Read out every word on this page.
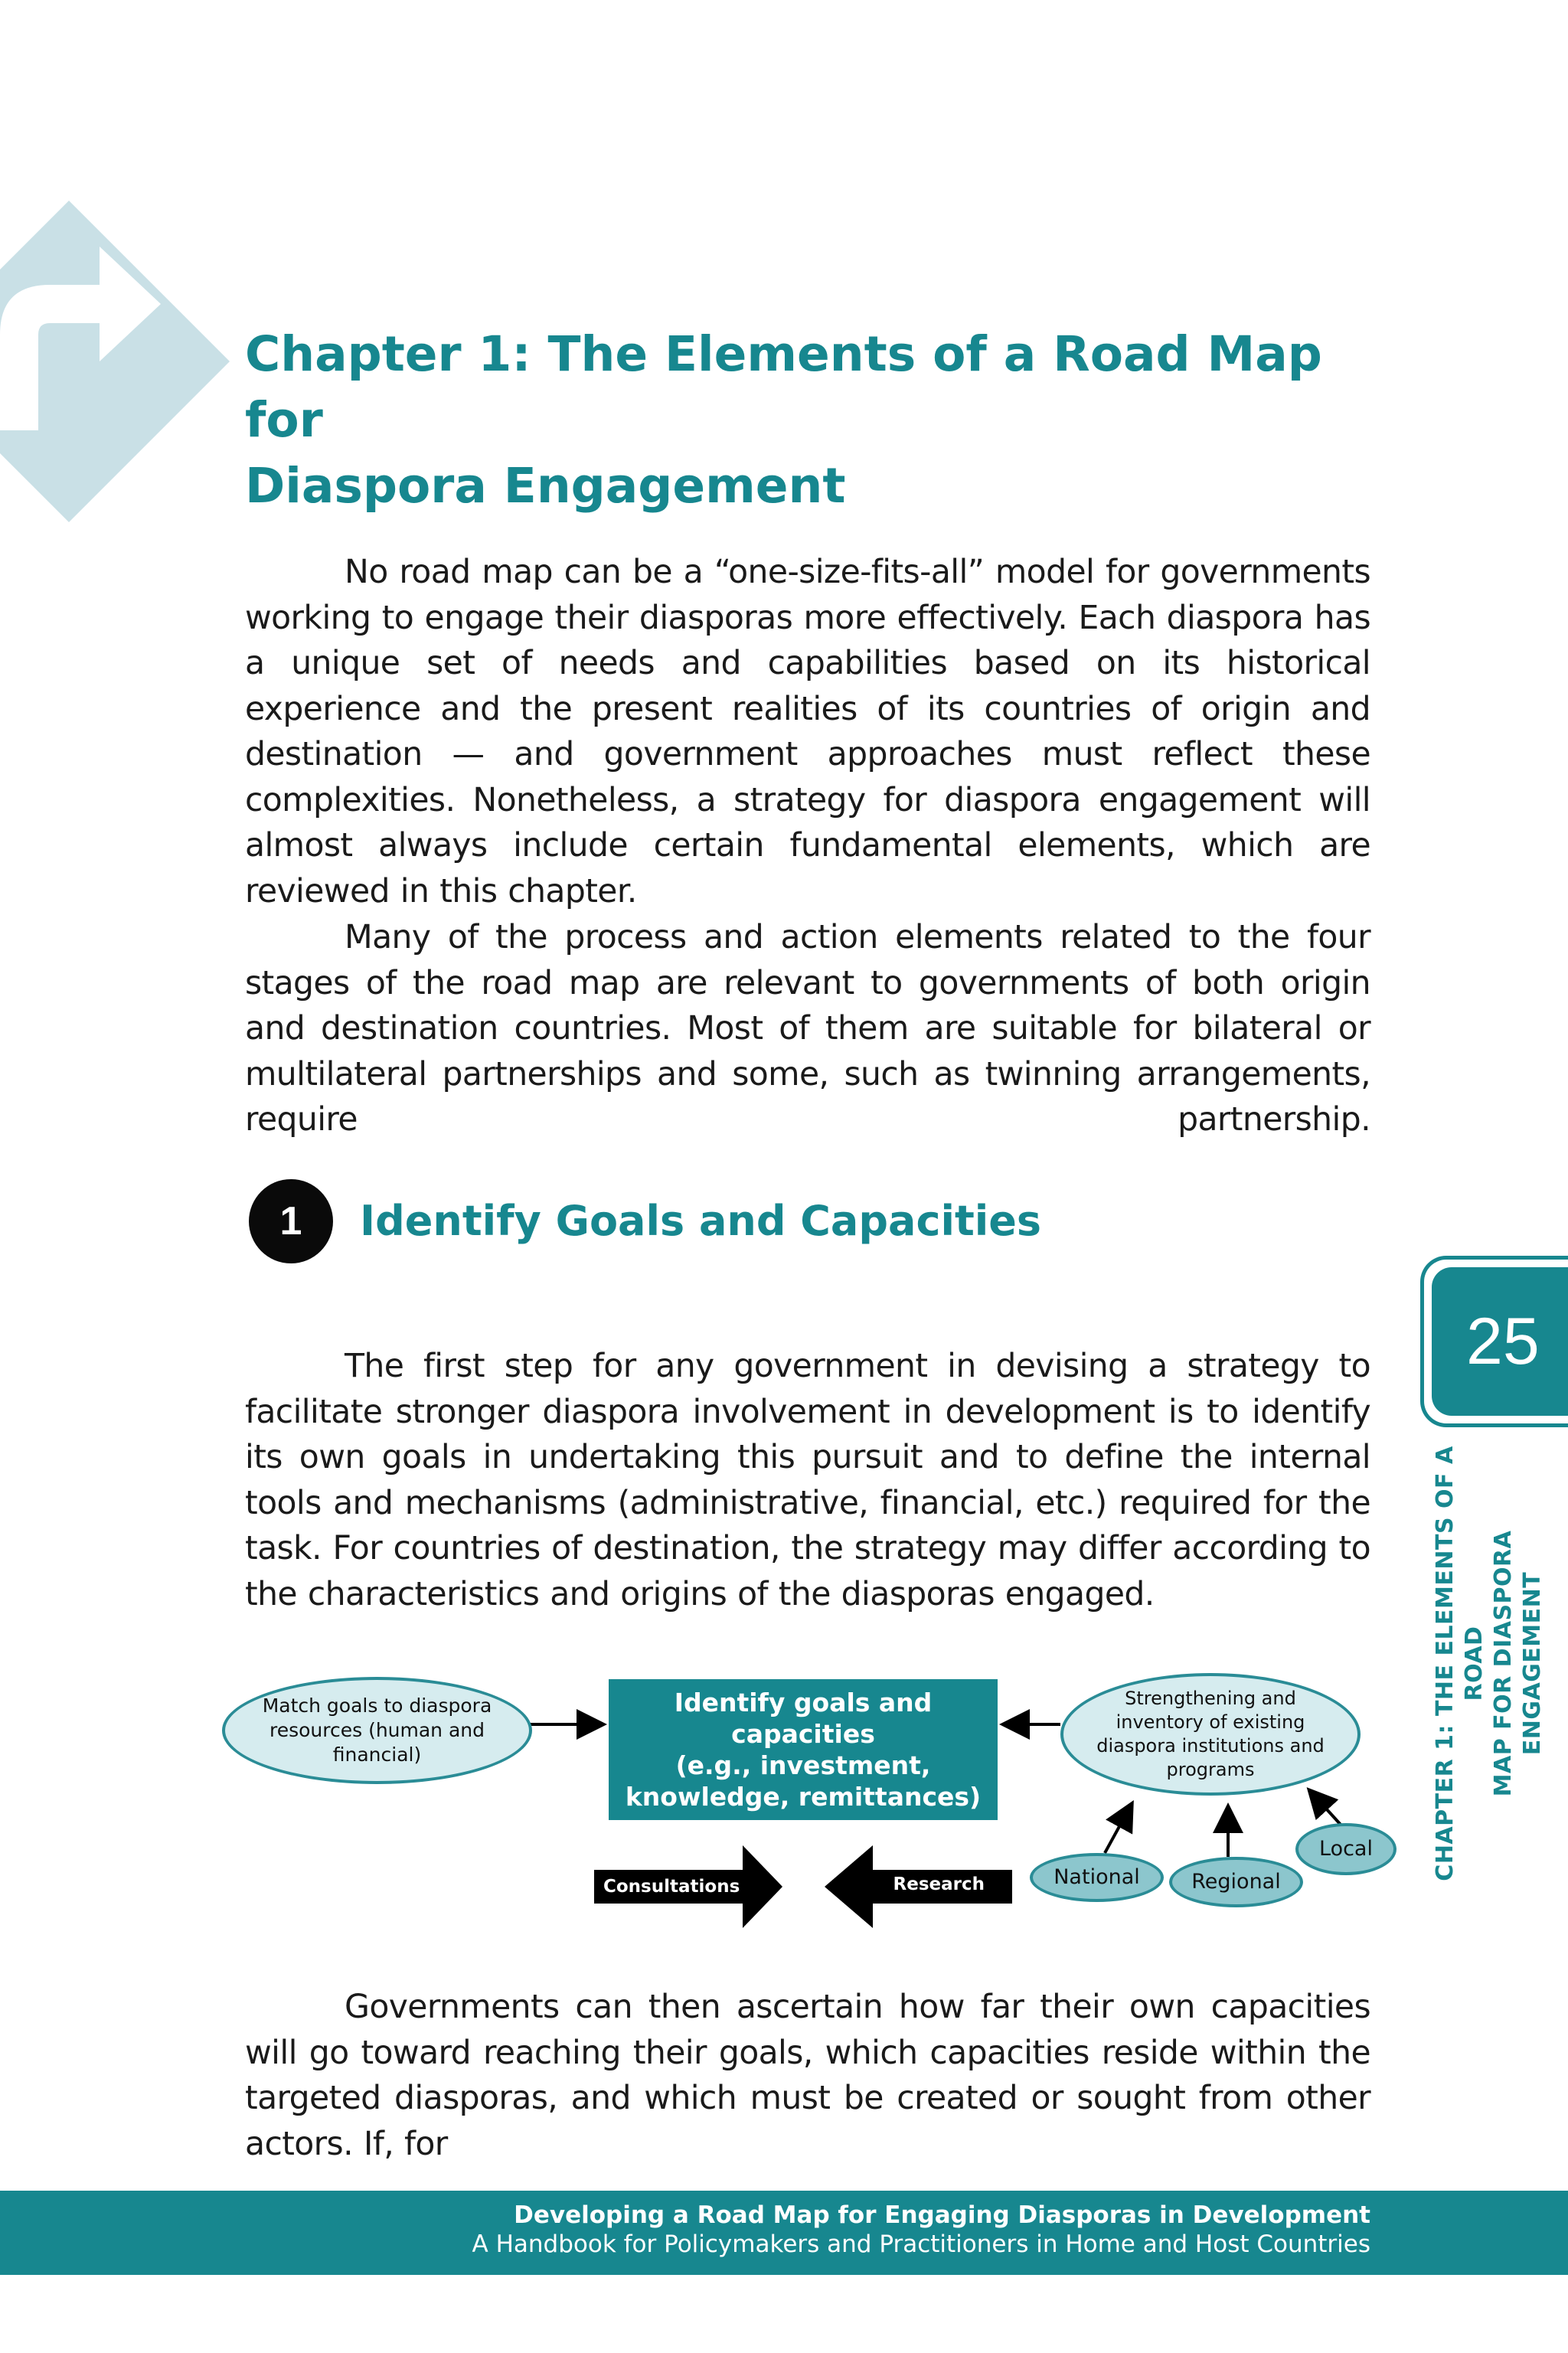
Chapter 1: The Elements of a Road Map for
Diaspora Engagement
No road map can be a “one-size-fits-all” model for governments working to engage their diasporas more effectively. Each diaspora has a unique set of needs and capabilities based on its historical experience and the present realities of its countries of origin and destination — and government approaches must reflect these complexities. Nonetheless, a strategy for diaspora engagement will almost always include certain fundamental elements, which are reviewed in this chapter.
Many of the process and action elements related to the four stages of the road map are relevant to governments of both origin and destination countries. Most of them are suitable for bilateral or multilateral partnerships and some, such as twinning arrangements, require partnership.
1	Identify Goals and Capacities
25
CHAPTER 1: THE ELEMENTS OF A ROAD MAP FOR DIASPORA ENGAGEMENT
The first step for any government in devising a strategy to facilitate stronger diaspora involvement in development is to identify its own goals in undertaking this pursuit and to define the internal tools and mechanisms (administrative, financial, etc.) required for the task. For countries of destination, the strategy may differ according to the characteristics and origins of the diasporas engaged.
Match goals to diaspora
resources (human and
financial)
Identify goals and capacities
(e.g., investment,
knowledge, remittances)
Strengthening and
inventory of existing
diaspora institutions and
programs
National	Regional
Local
Consultations	Research
Governments can then ascertain how far their own capacities will go toward reaching their goals, which capacities reside within the targeted diasporas, and which must be created or sought from other actors. If, for
Developing a Road Map for Engaging Diasporas in Development
A Handbook for Policymakers and Practitioners in Home and Host Countries
